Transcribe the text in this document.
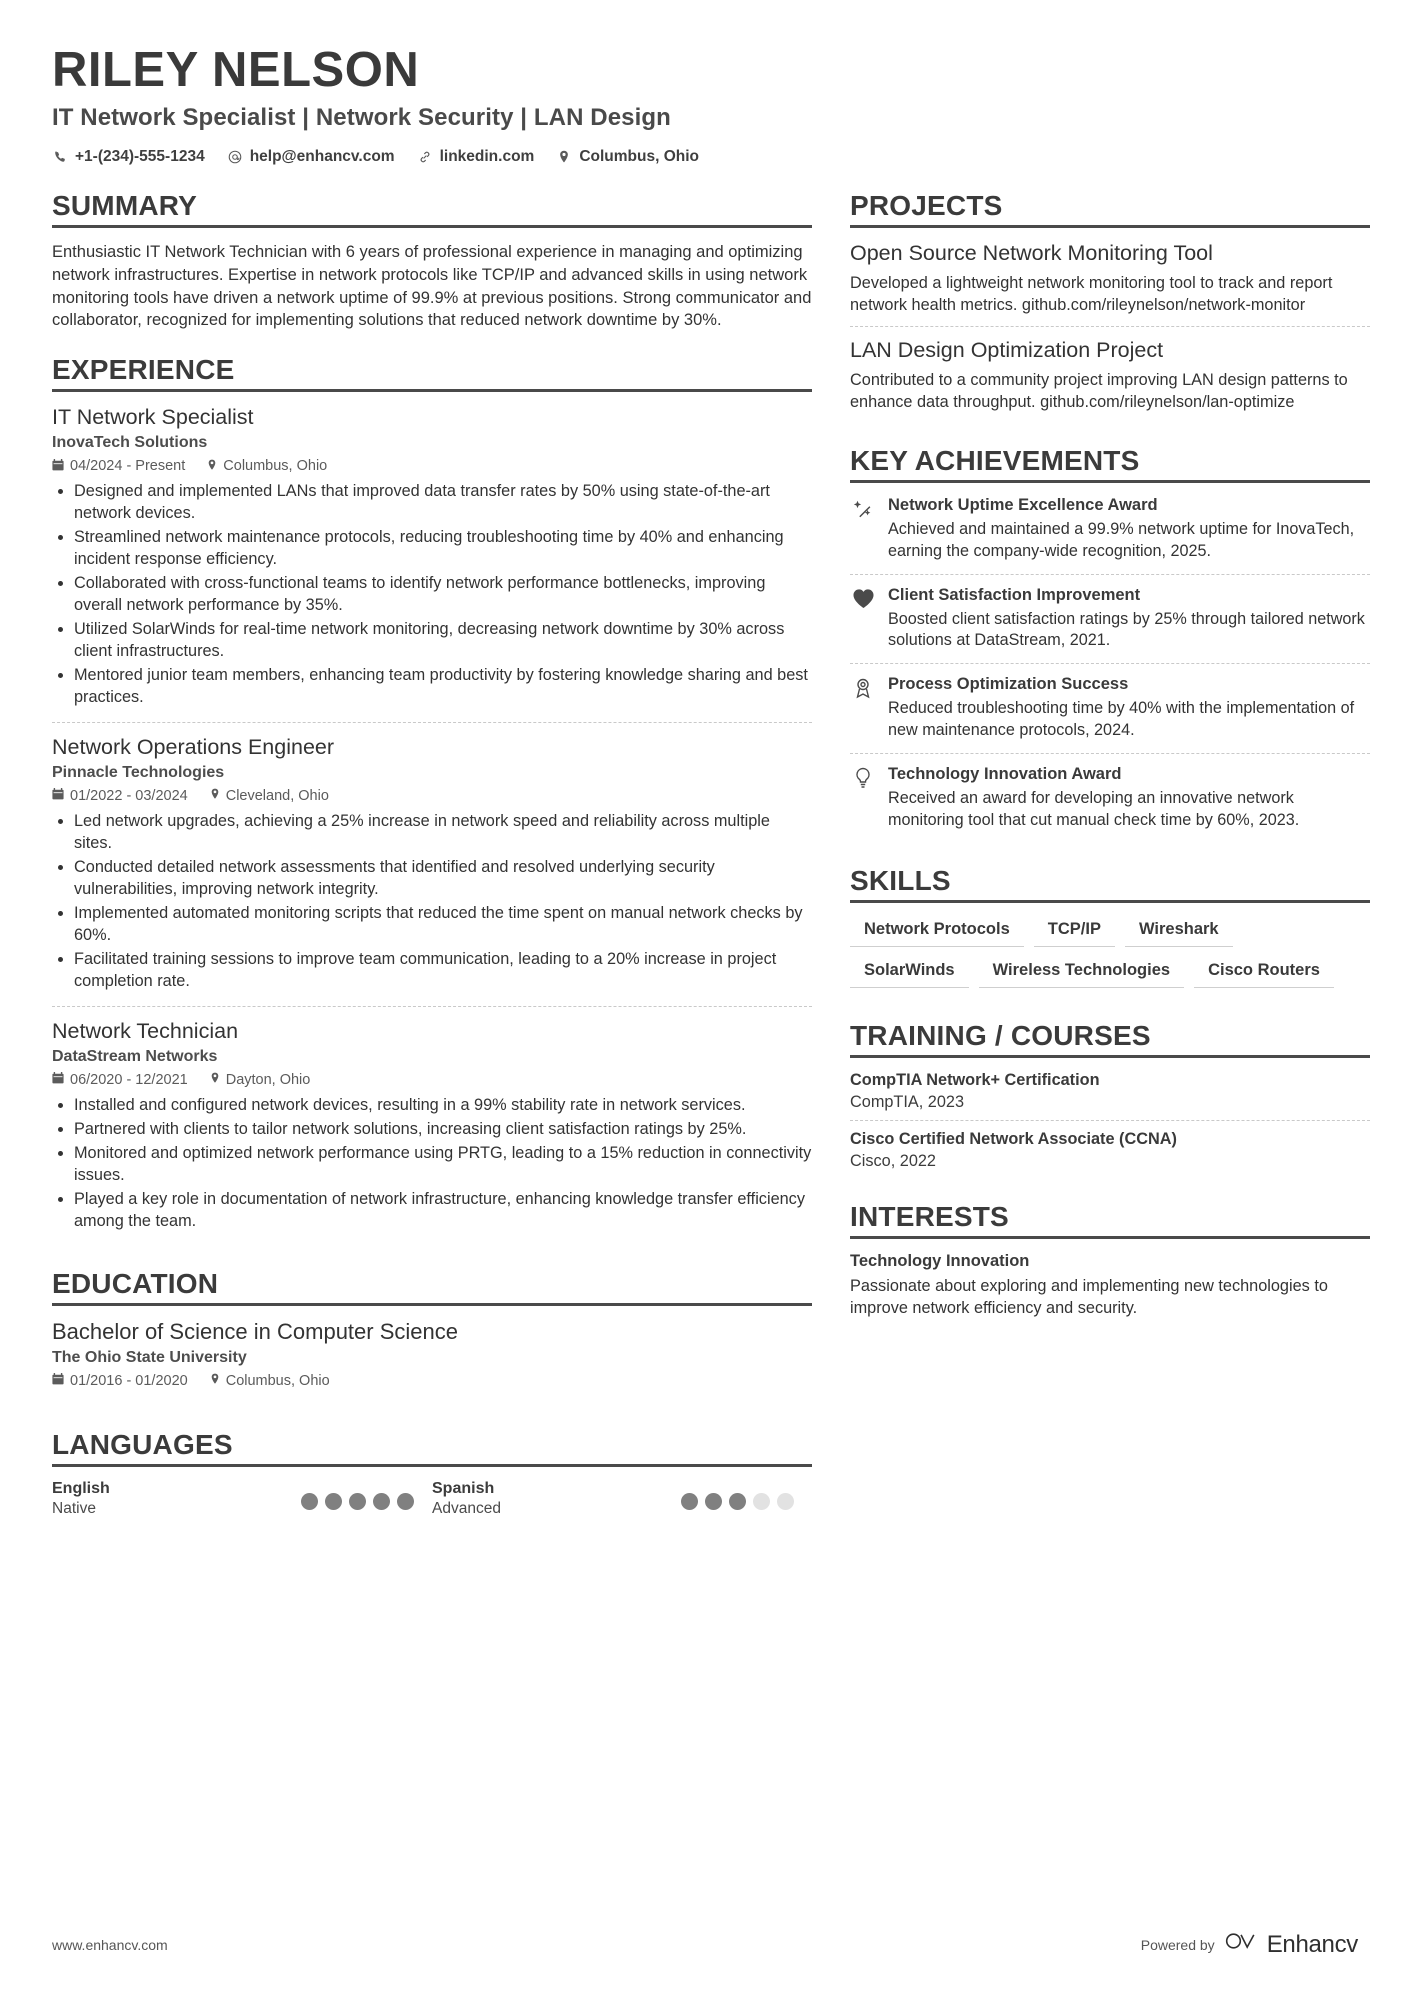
RILEY NELSON
IT Network Specialist | Network Security | LAN Design
+1-(234)-555-1234	help@enhancv.com	linkedin.com	Columbus, Ohio
SUMMARY

Enthusiastic IT Network Technician with 6 years of professional experience in managing and optimizing network infrastructures. Expertise in network protocols like TCP/IP and advanced skills in using network monitoring tools have driven a network uptime of 99.9% at previous positions. Strong communicator and collaborator, recognized for implementing solutions that reduced network downtime by 30%.

EXPERIENCE
IT Network Specialist
InovaTech Solutions
04/2024 - Present	Columbus, Ohio
• Designed and implemented LANs that improved data transfer rates by 50% using state-of-the-art network devices.
• Streamlined network maintenance protocols, reducing troubleshooting time by 40% and enhancing incident response efficiency.
• Collaborated with cross-functional teams to identify network performance bottlenecks, improving overall network performance by 35%.
• Utilized SolarWinds for real-time network monitoring, decreasing network downtime by 30% across client infrastructures.
• Mentored junior team members, enhancing team productivity by fostering knowledge sharing and best practices.
Network Operations Engineer
Pinnacle Technologies
01/2022 - 03/2024	Cleveland, Ohio
• Led network upgrades, achieving a 25% increase in network speed and reliability across multiple sites.
• Conducted detailed network assessments that identified and resolved underlying security vulnerabilities, improving network integrity.
• Implemented automated monitoring scripts that reduced the time spent on manual network checks by 60%.
• Facilitated training sessions to improve team communication, leading to a 20% increase in project completion rate.
Network Technician
DataStream Networks
06/2020 - 12/2021	Dayton, Ohio
• Installed and configured network devices, resulting in a 99% stability rate in network services.
• Partnered with clients to tailor network solutions, increasing client satisfaction ratings by 25%.
• Monitored and optimized network performance using PRTG, leading to a 15% reduction in connectivity issues.
• Played a key role in documentation of network infrastructure, enhancing knowledge transfer efficiency among the team.
EDUCATION
Bachelor of Science in Computer Science
The Ohio State University
01/2016 - 01/2020	Columbus, Ohio
LANGUAGES
English
Native
Spanish
Advanced
PROJECTS
Open Source Network Monitoring Tool

Developed a lightweight network monitoring tool to track and report network health metrics. github.com/rileynelson/network-monitor

LAN Design Optimization Project

Contributed to a community project improving LAN design patterns to enhance data throughput. github.com/rileynelson/lan-optimize

KEY ACHIEVEMENTS
Network Uptime Excellence Award

Achieved and maintained a 99.9% network uptime for InovaTech, earning the company-wide recognition, 2025.

Client Satisfaction Improvement

Boosted client satisfaction ratings by 25% through tailored network solutions at DataStream, 2021.

Process Optimization Success

Reduced troubleshooting time by 40% with the implementation of new maintenance protocols, 2024.

Technology Innovation Award

Received an award for developing an innovative network monitoring tool that cut manual check time by 60%, 2023.

SKILLS
Network Protocols	TCP/IP	Wireshark
SolarWinds	Wireless Technologies	Cisco Routers
TRAINING / COURSES
CompTIA Network+ Certification

CompTIA, 2023

Cisco Certified Network Associate (CCNA)

Cisco, 2022

INTERESTS
Technology Innovation

Passionate about exploring and implementing new technologies to improve network efficiency and security.

www.enhancv.com	Powered by Enhancv
